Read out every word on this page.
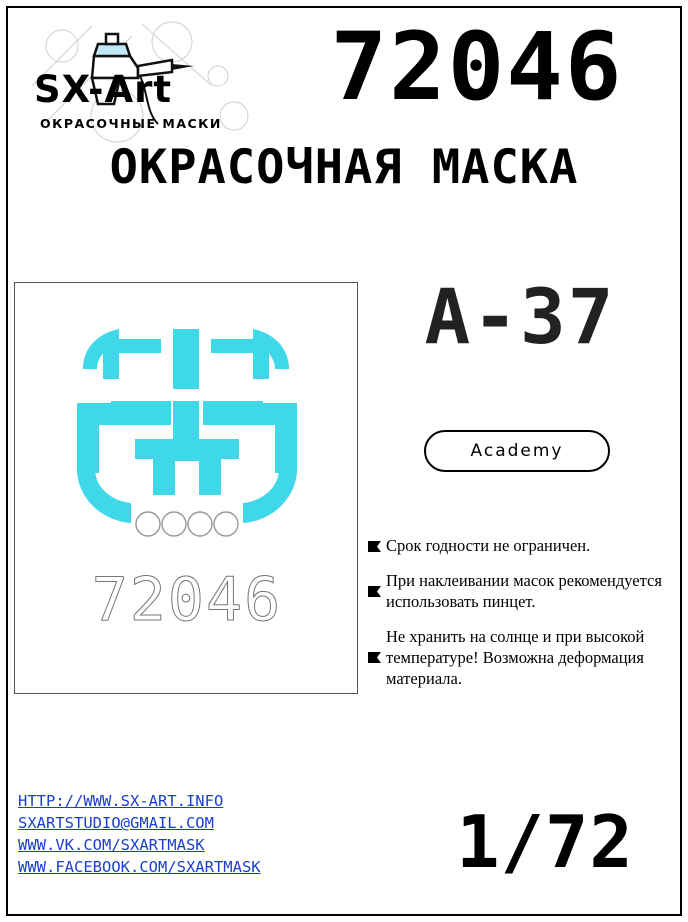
SX-Art
ОКРАСОЧНЫЕ МАСКИ
72046
ОКРАСОЧНАЯ МАСКА
72046
A-37
Academy
Срок годности не ограничен.
При наклеивании масок рекомендуется использовать пинцет.
Не хранить на солнце и при высокой температуре! Возможна деформация материала.
HTTP://WWW.SX-ART.INFO
SXARTSTUDIO@GMAIL.COM
WWW.VK.COM/SXARTMASK
WWW.FACEBOOK.COM/SXARTMASK	1/72
